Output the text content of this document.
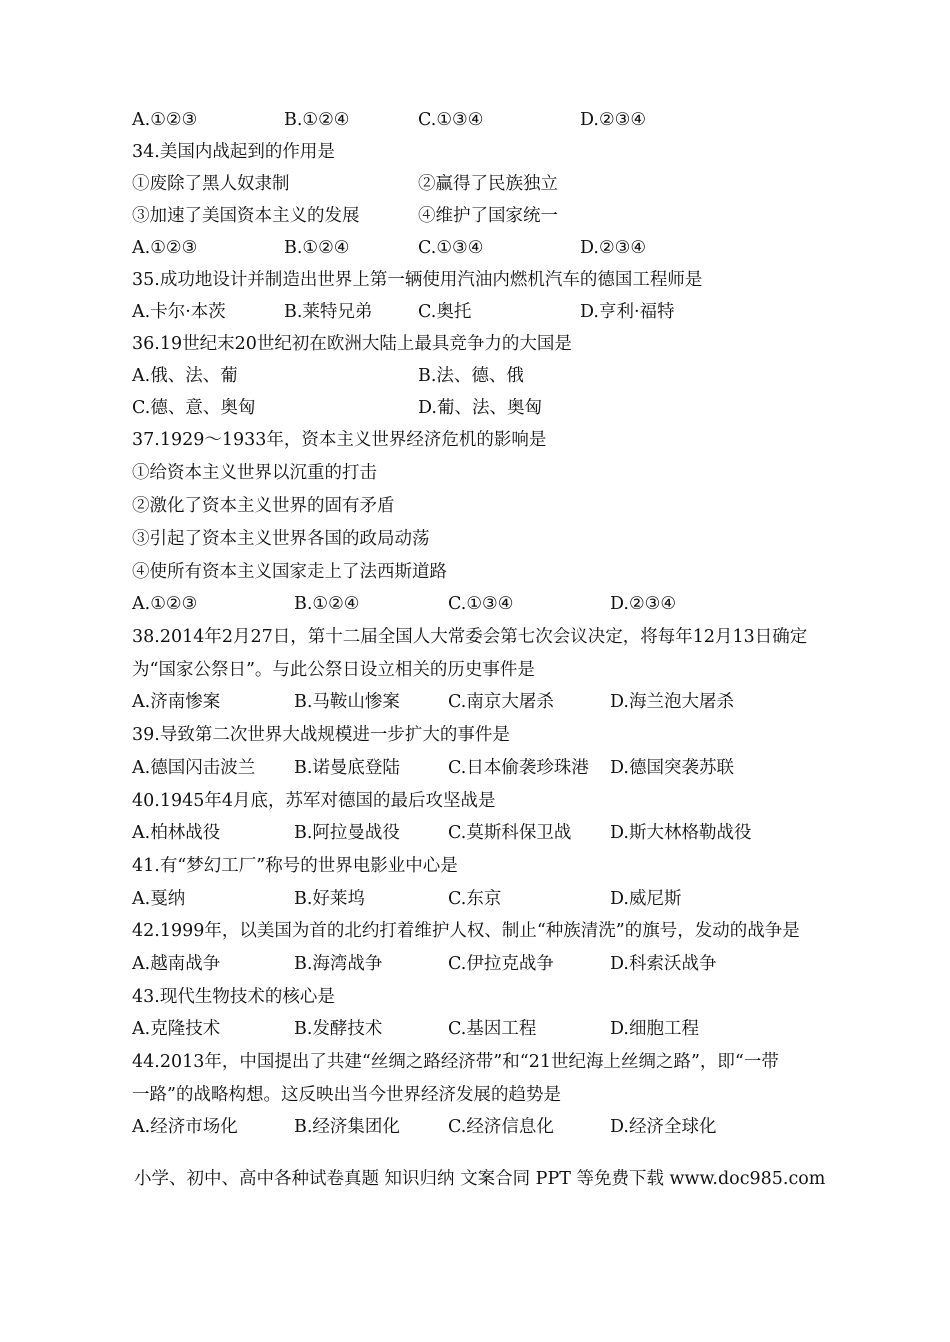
A.①②③	B.①②④	C.①③④	D.②③④
34.美国内战起到的作用是
①废除了黑人奴隶制	②赢得了民族独立
③加速了美国资本主义的发展	④维护了国家统一
A.①②③	B.①②④	C.①③④	D.②③④
35.成功地设计并制造出世界上第一辆使用汽油内燃机汽车的德国工程师是
A.卡尔·本茨	B.莱特兄弟	C.奥托	D.亨利·福特
36.19世纪末20世纪初在欧洲大陆上最具竞争力的大国是
A.俄、法、葡	B.法、德、俄
C.德、意、奥匈	D.葡、法、奥匈
37.1929～1933年，资本主义世界经济危机的影响是
①给资本主义世界以沉重的打击
②激化了资本主义世界的固有矛盾
③引起了资本主义世界各国的政局动荡
④使所有资本主义国家走上了法西斯道路
A.①②③	B.①②④	C.①③④	D.②③④
38.2014年2月27日，第十二届全国人大常委会第七次会议决定，将每年12月13日确定
为“国家公祭日”。与此公祭日设立相关的历史事件是
A.济南惨案	B.马鞍山惨案	C.南京大屠杀	D.海兰泡大屠杀
39.导致第二次世界大战规模进一步扩大的事件是
A.德国闪击波兰 B.诺曼底登陆	C.日本偷袭珍珠港 D.德国突袭苏联
40.1945年4月底，苏军对德国的最后攻坚战是
A.柏林战役	B.阿拉曼战役	C.莫斯科保卫战 D.斯大林格勒战役
41.有“梦幻工厂”称号的世界电影业中心是
A.戛纳	B.好莱坞	C.东京	D.威尼斯
42.1999年，以美国为首的北约打着维护人权、制止“种族清洗”的旗号，发动的战争是
A.越南战争	B.海湾战争	C.伊拉克战争	D.科索沃战争
43.现代生物技术的核心是
A.克隆技术	B.发酵技术	C.基因工程	D.细胞工程
44.2013年，中国提出了共建“丝绸之路经济带”和“21世纪海上丝绸之路”，即“一带
一路”的战略构想。这反映出当今世界经济发展的趋势是
A.经济市场化	B.经济集团化	C.经济信息化	D.经济全球化
小学、初中、高中各种试卷真题 知识归纳 文案合同 PPT 等免费下载 www.doc985.com
